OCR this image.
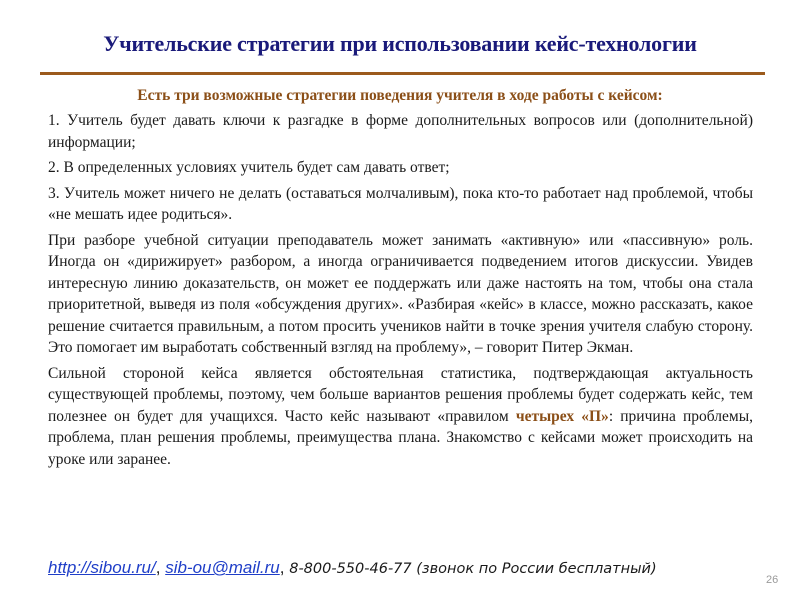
Учительские стратегии при использовании кейс-технологии
Есть три возможные стратегии поведения учителя в ходе работы с кейсом:

1. Учитель будет давать ключи к разгадке в форме дополнительных вопросов или (дополнительной) информации;

2. В определенных условиях учитель будет сам давать ответ;

3. Учитель может ничего не делать (оставаться молчаливым), пока кто-то работает над проблемой, чтобы «не мешать идее родиться».

При разборе учебной ситуации преподаватель может занимать «активную» или «пассивную» роль. Иногда он «дирижирует» разбором, а иногда ограничивается подведением итогов дискуссии. Увидев интересную линию доказательств, он может ее поддержать или даже настоять на том, чтобы она стала приоритетной, выведя из поля «обсуждения других». «Разбирая «кейс» в классе, можно рассказать, какое решение считается правильным, а потом просить учеников найти в точке зрения учителя слабую сторону. Это помогает им выработать собственный взгляд на проблему», – говорит Питер Экман.

Сильной стороной кейса является обстоятельная статистика, подтверждающая актуальность существующей проблемы, поэтому, чем больше вариантов решения проблемы будет содержать кейс, тем полезнее он будет для учащихся. Часто кейс называют «правилом четырех «П»: причина проблемы, проблема, план решения проблемы, преимущества плана. Знакомство с кейсами может происходить на уроке или заранее.

http://sibou.ru/, sib-ou@mail.ru, 8-800-550-46-77 (звонок по России бесплатный)
26
